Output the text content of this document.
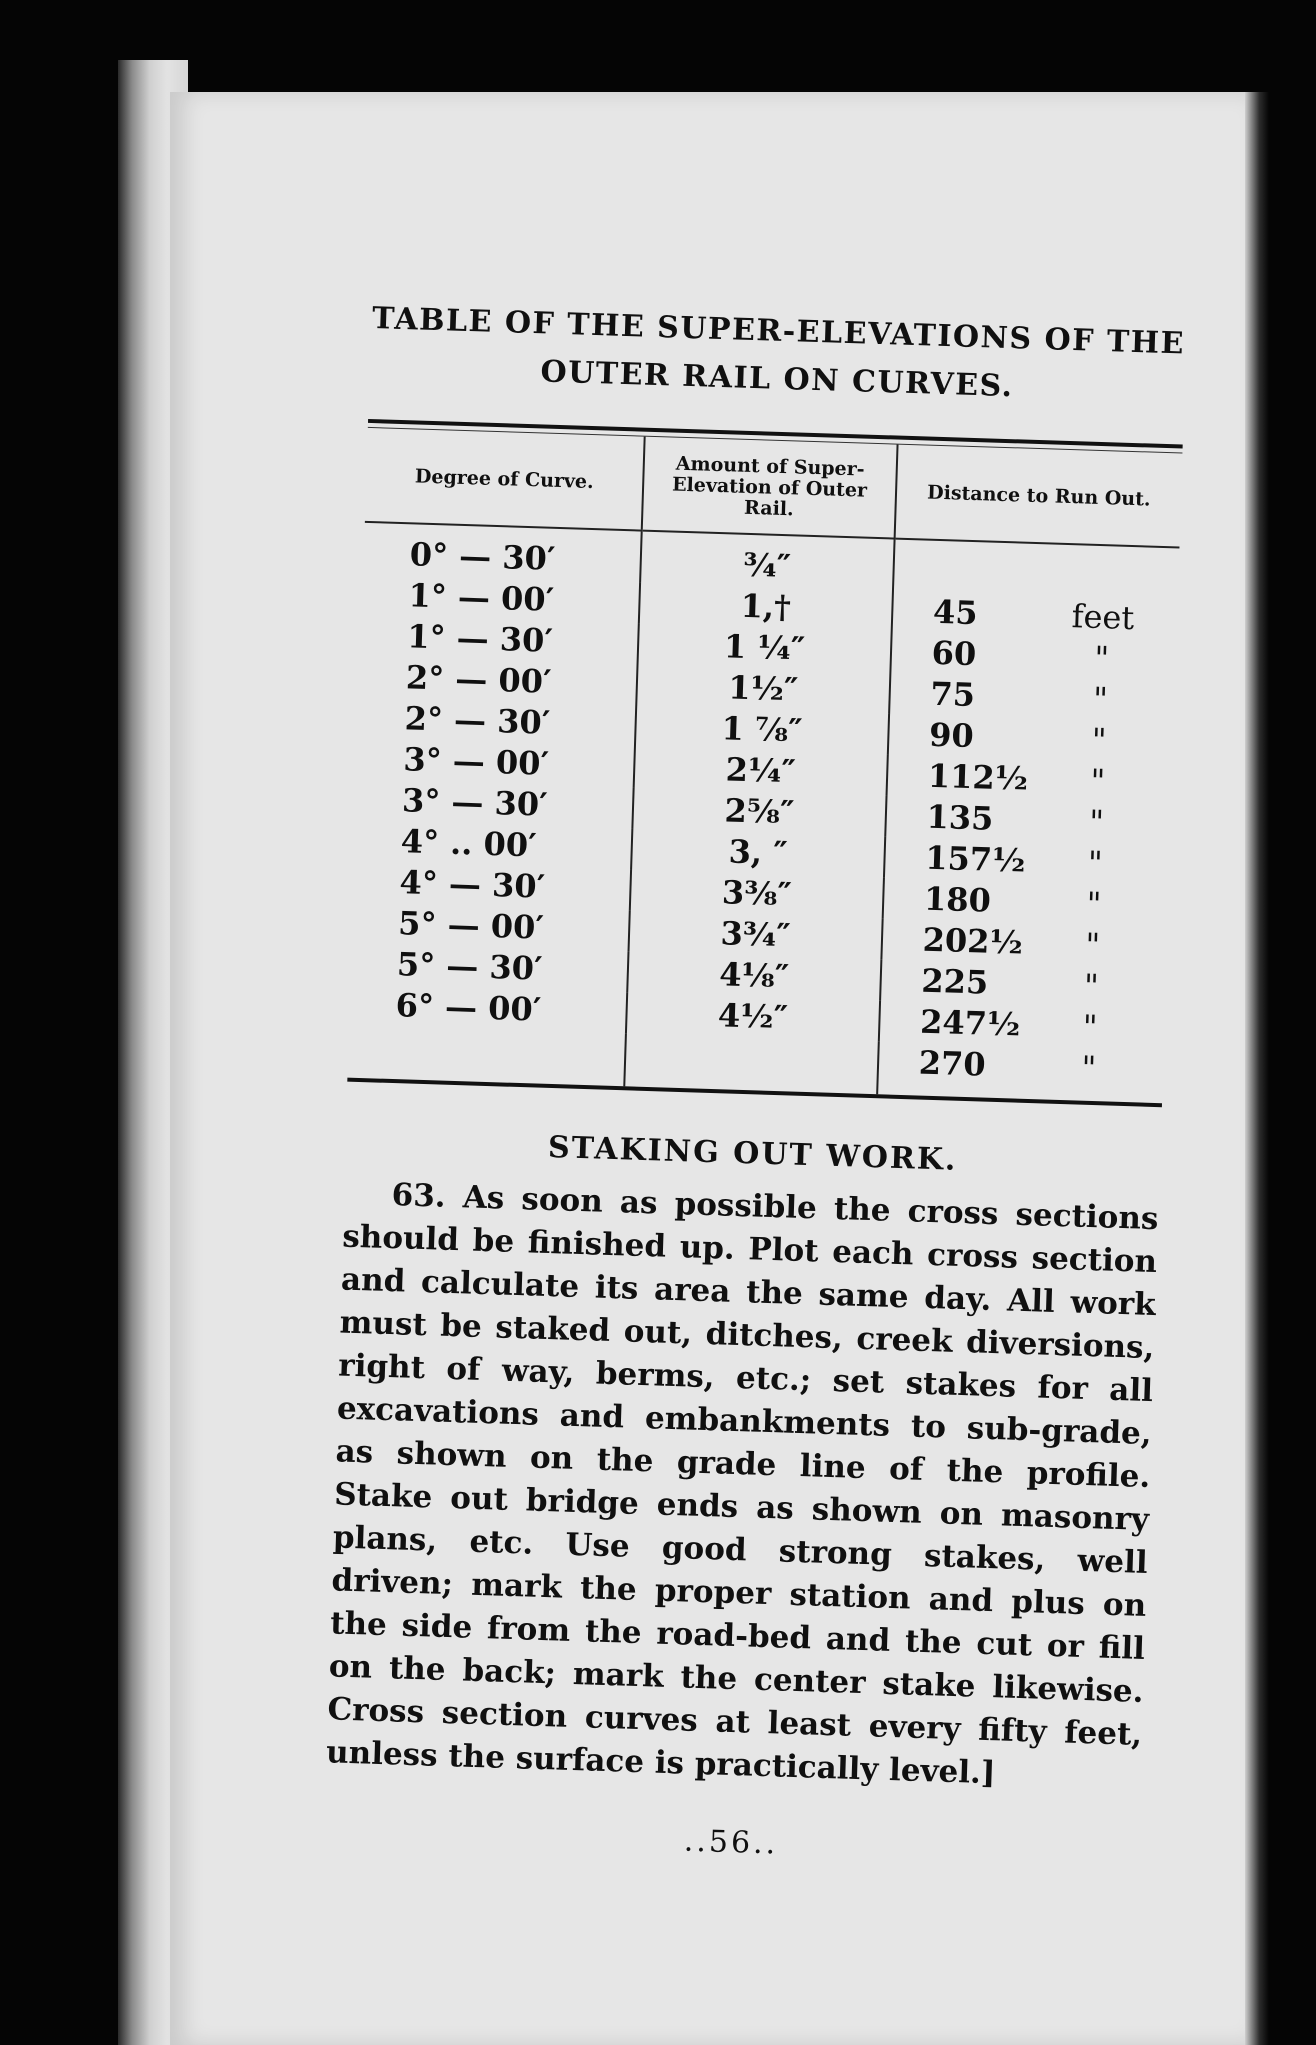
TABLE OF THE SUPER-ELEVATIONS OF THE
OUTER RAIL ON CURVES.
Degree of Curve.	Amount of Super-Elevation of Outer Rail.	Distance to Run Out.
0° — 30′	¾″	
1° — 00′	1,†	45 feet
1° — 30′	1 ¼″	60 "
2° — 00′	1½″	75 "
2° — 30′	1 ⅞″	90 "
3° — 00′	2¼″	112½ "
3° — 30′	2⅝″	135 "
4° .. 00′	3, ″	157½ "
4° — 30′	3⅜″	180 "
5° — 00′	3¾″	202½ "
5° — 30′	4⅛″	225 "
6° — 00′	4½″	247½ "
		270 "
STAKING OUT WORK.

63. As soon as possible the cross sections should be finished up. Plot each cross section and calculate its area the same day. All work must be staked out, ditches, creek diversions, right of way, berms, etc.; set stakes for all excavations and embankments to sub-grade, as shown on the grade line of the profile. Stake out bridge ends as shown on masonry plans, etc. Use good strong stakes, well driven; mark the proper station and plus on the side from the road-bed and the cut or fill on the back; mark the center stake likewise. Cross section curves at least every fifty feet, unless the surface is practically level.]

..56..
